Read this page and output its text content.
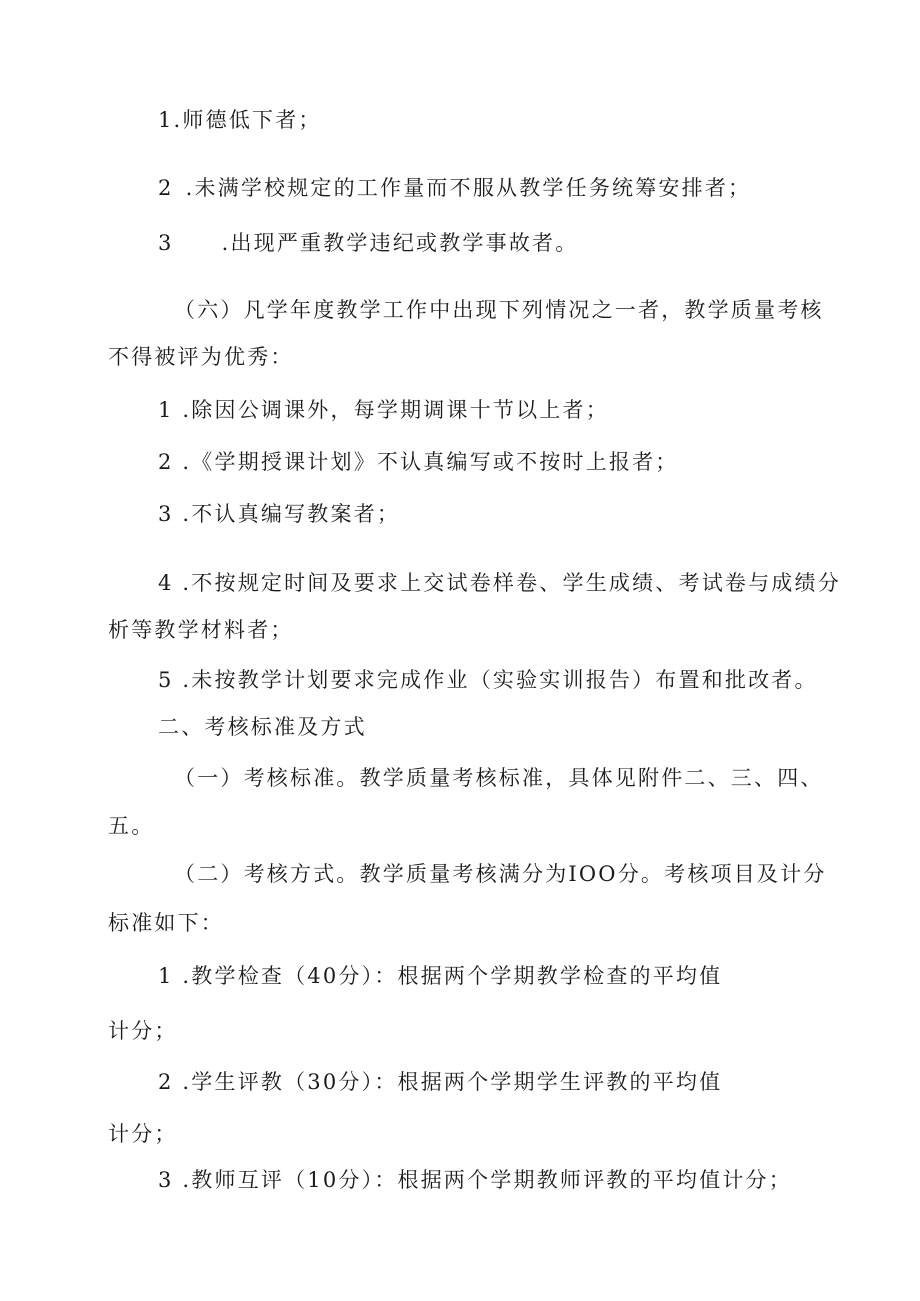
1.师德低下者；
2 .未满学校规定的工作量而不服从教学任务统筹安排者；
3 .出现严重教学违纪或教学事故者。
（六）凡学年度教学工作中出现下列情况之一者，教学质量考核
不得被评为优秀：
1 .除因公调课外，每学期调课十节以上者；
2 .《学期授课计划》不认真编写或不按时上报者；
3 .不认真编写教案者；
4 .不按规定时间及要求上交试卷样卷、学生成绩、考试卷与成绩分
析等教学材料者；
5 .未按教学计划要求完成作业（实验实训报告）布置和批改者。
二、考核标准及方式
（一）考核标准。教学质量考核标准，具体见附件二、三、四、
五。
（二）考核方式。教学质量考核满分为IOO分。考核项目及计分
标准如下：
1 .教学检查（40分）：根据两个学期教学检查的平均值
计分；
2 .学生评教（30分）：根据两个学期学生评教的平均值
计分；
3 .教师互评（10分）：根据两个学期教师评教的平均值计分；
